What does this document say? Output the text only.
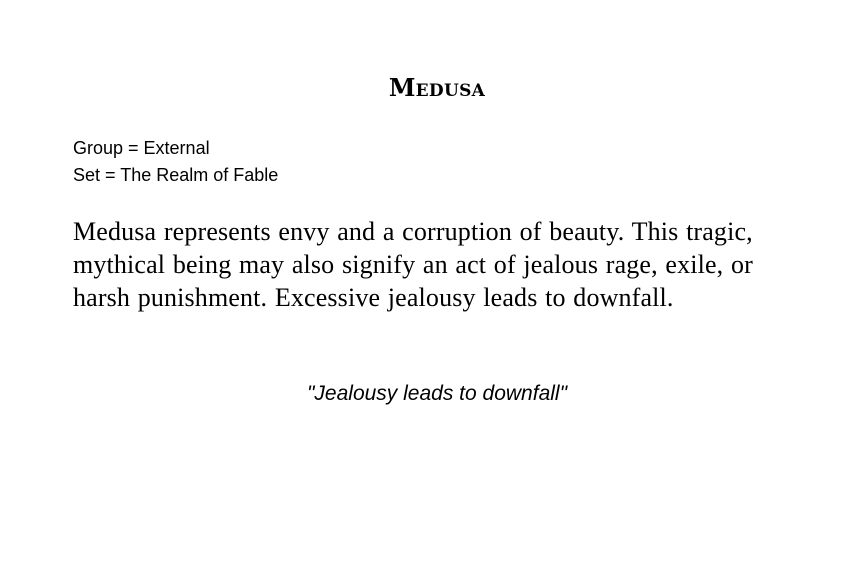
Medusa
Group = External
Set = The Realm of Fable
Medusa represents envy and a corruption of beauty. This tragic, mythical being may also signify an act of jealous rage, exile, or harsh punishment. Excessive jealousy leads to downfall.
"Jealousy leads to downfall"
